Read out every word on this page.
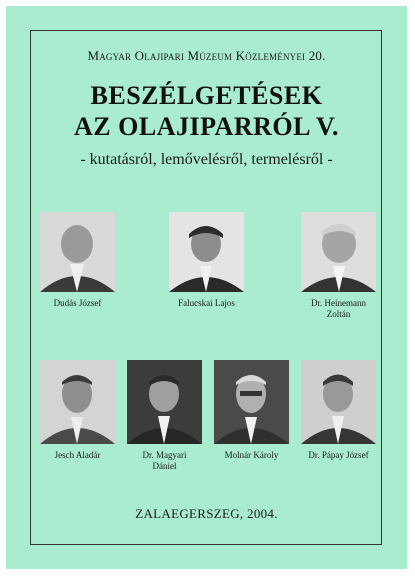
Magyar Olajipari Múzeum Közleményei 20.

BESZÉLGETÉSEK
AZ OLAJIPARRÓL V.

- kutatásról, lemővelésről, termelésről -

Dudás József	Falucskai Lajos	Dr. Heinemann
Zoltán
Jesch Aladár	Dr. Magyari
Dániel
Molnár Károly	Dr. Pápay József

ZALAEGERSZEG, 2004.
